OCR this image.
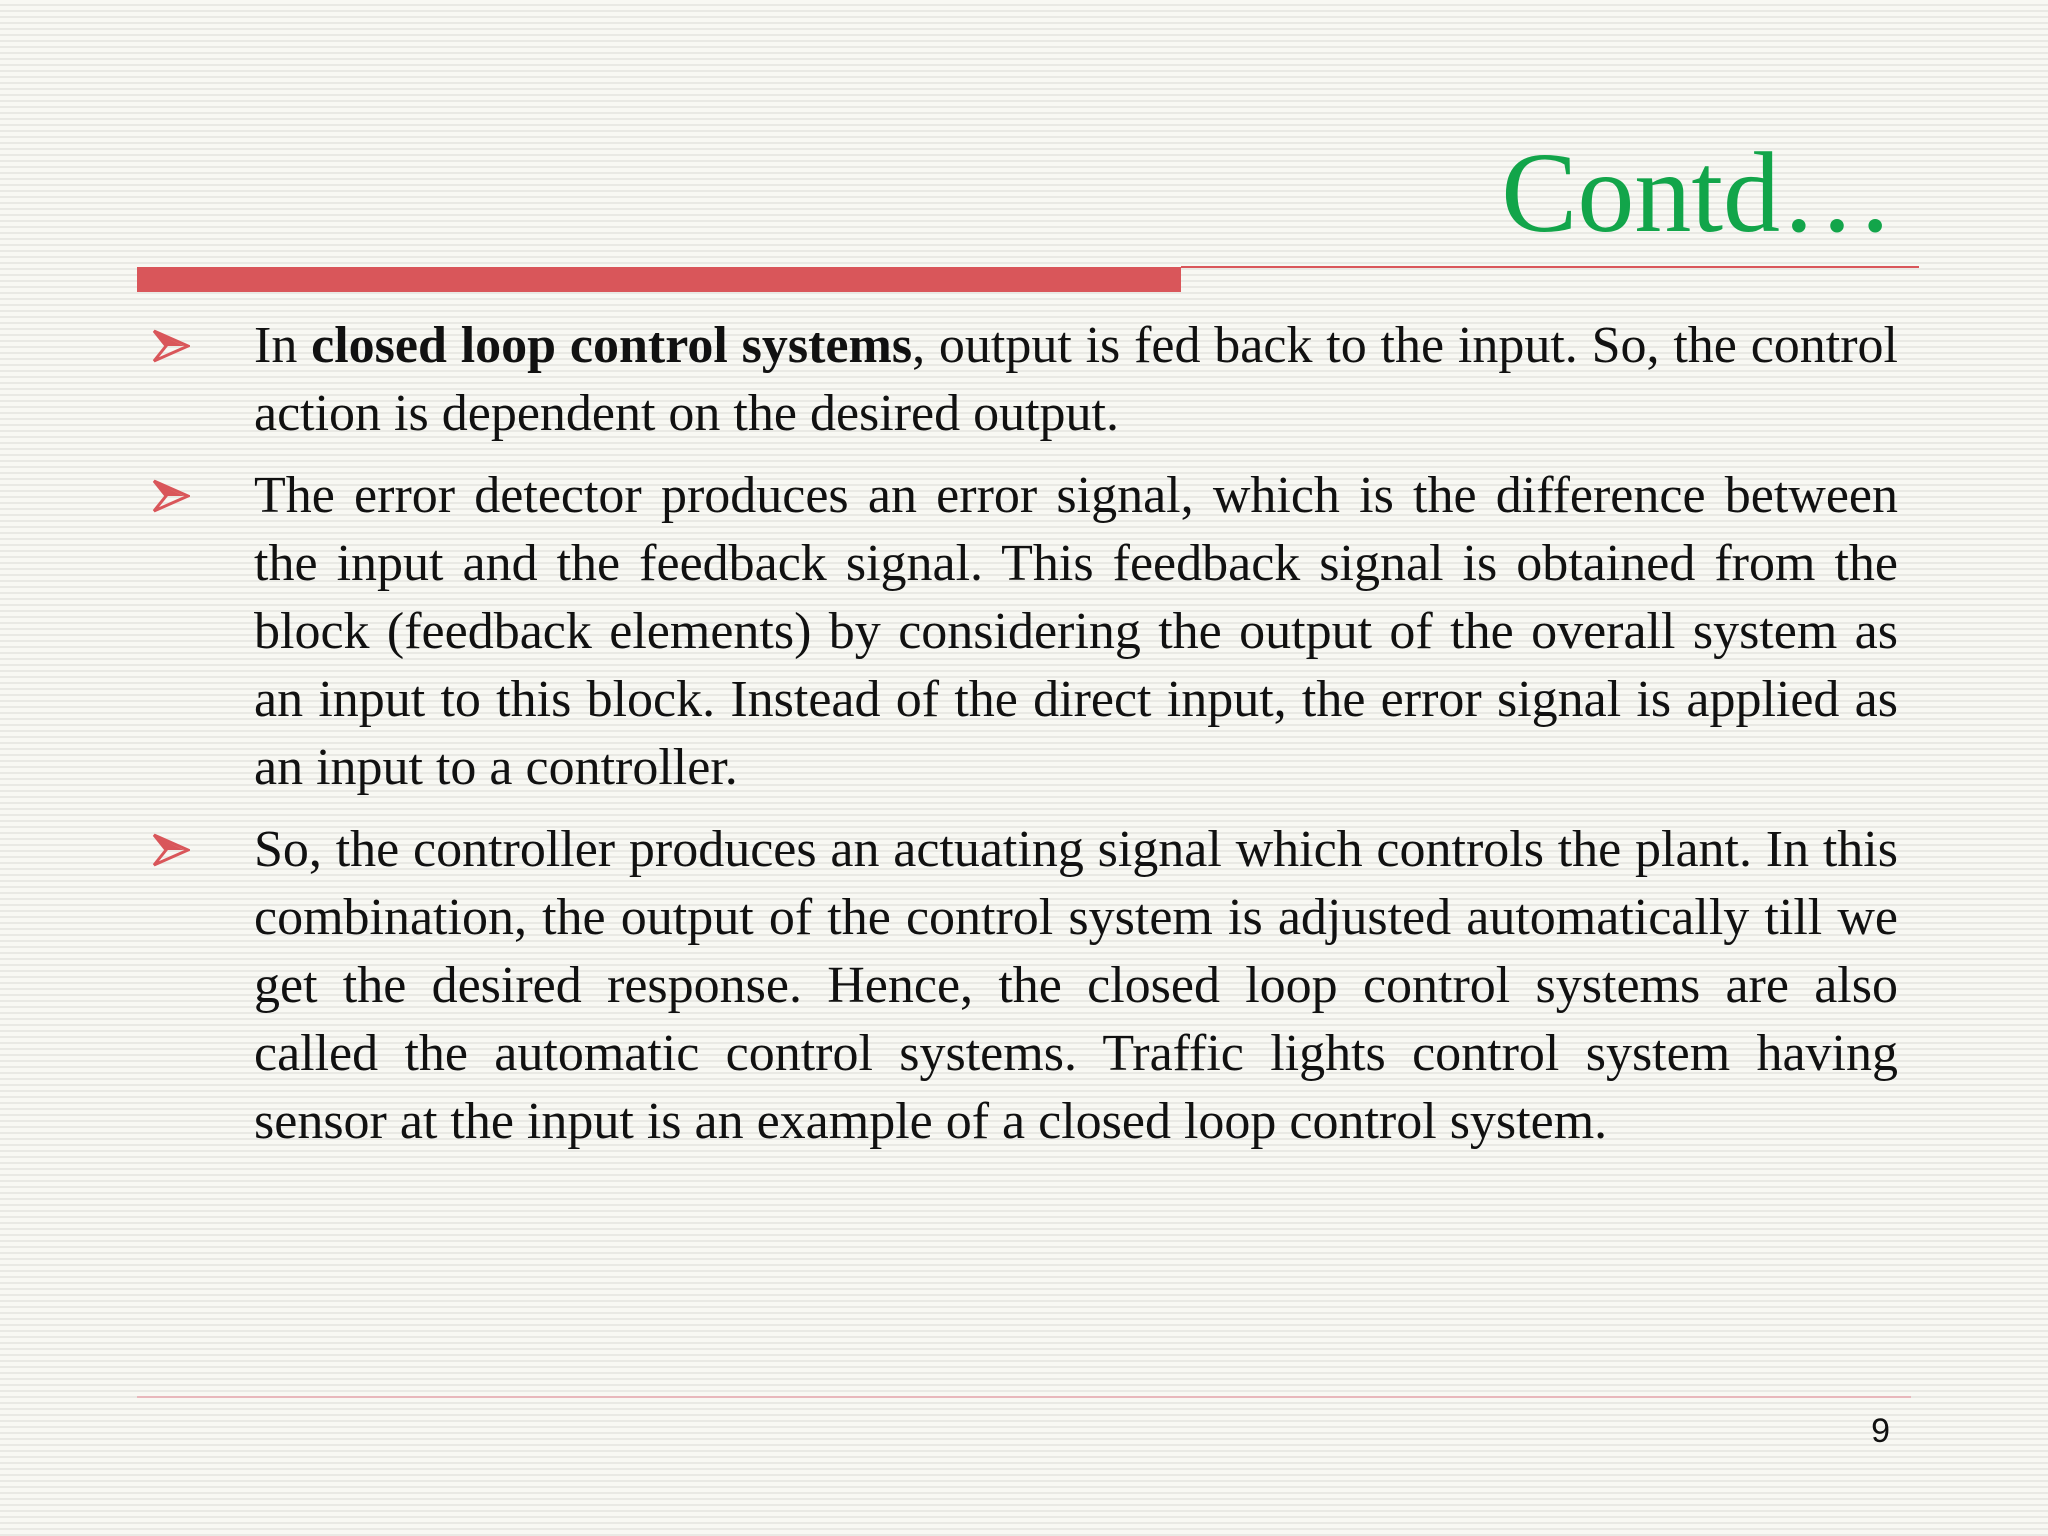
Contd…
In closed loop control systems, output is fed back to the input. So, the control action is dependent on the desired output.
The error detector produces an error signal, which is the difference between the input and the feedback signal. This feedback signal is obtained from the block (feedback elements) by considering the output of the overall system as an input to this block. Instead of the direct input, the error signal is applied as an input to a controller.
So, the controller produces an actuating signal which controls the plant. In this combination, the output of the control system is adjusted automatically till we get the desired response. Hence, the closed loop control systems are also called the automatic control systems. Traffic lights control system having sensor at the input is an example of a closed loop control system.
9
